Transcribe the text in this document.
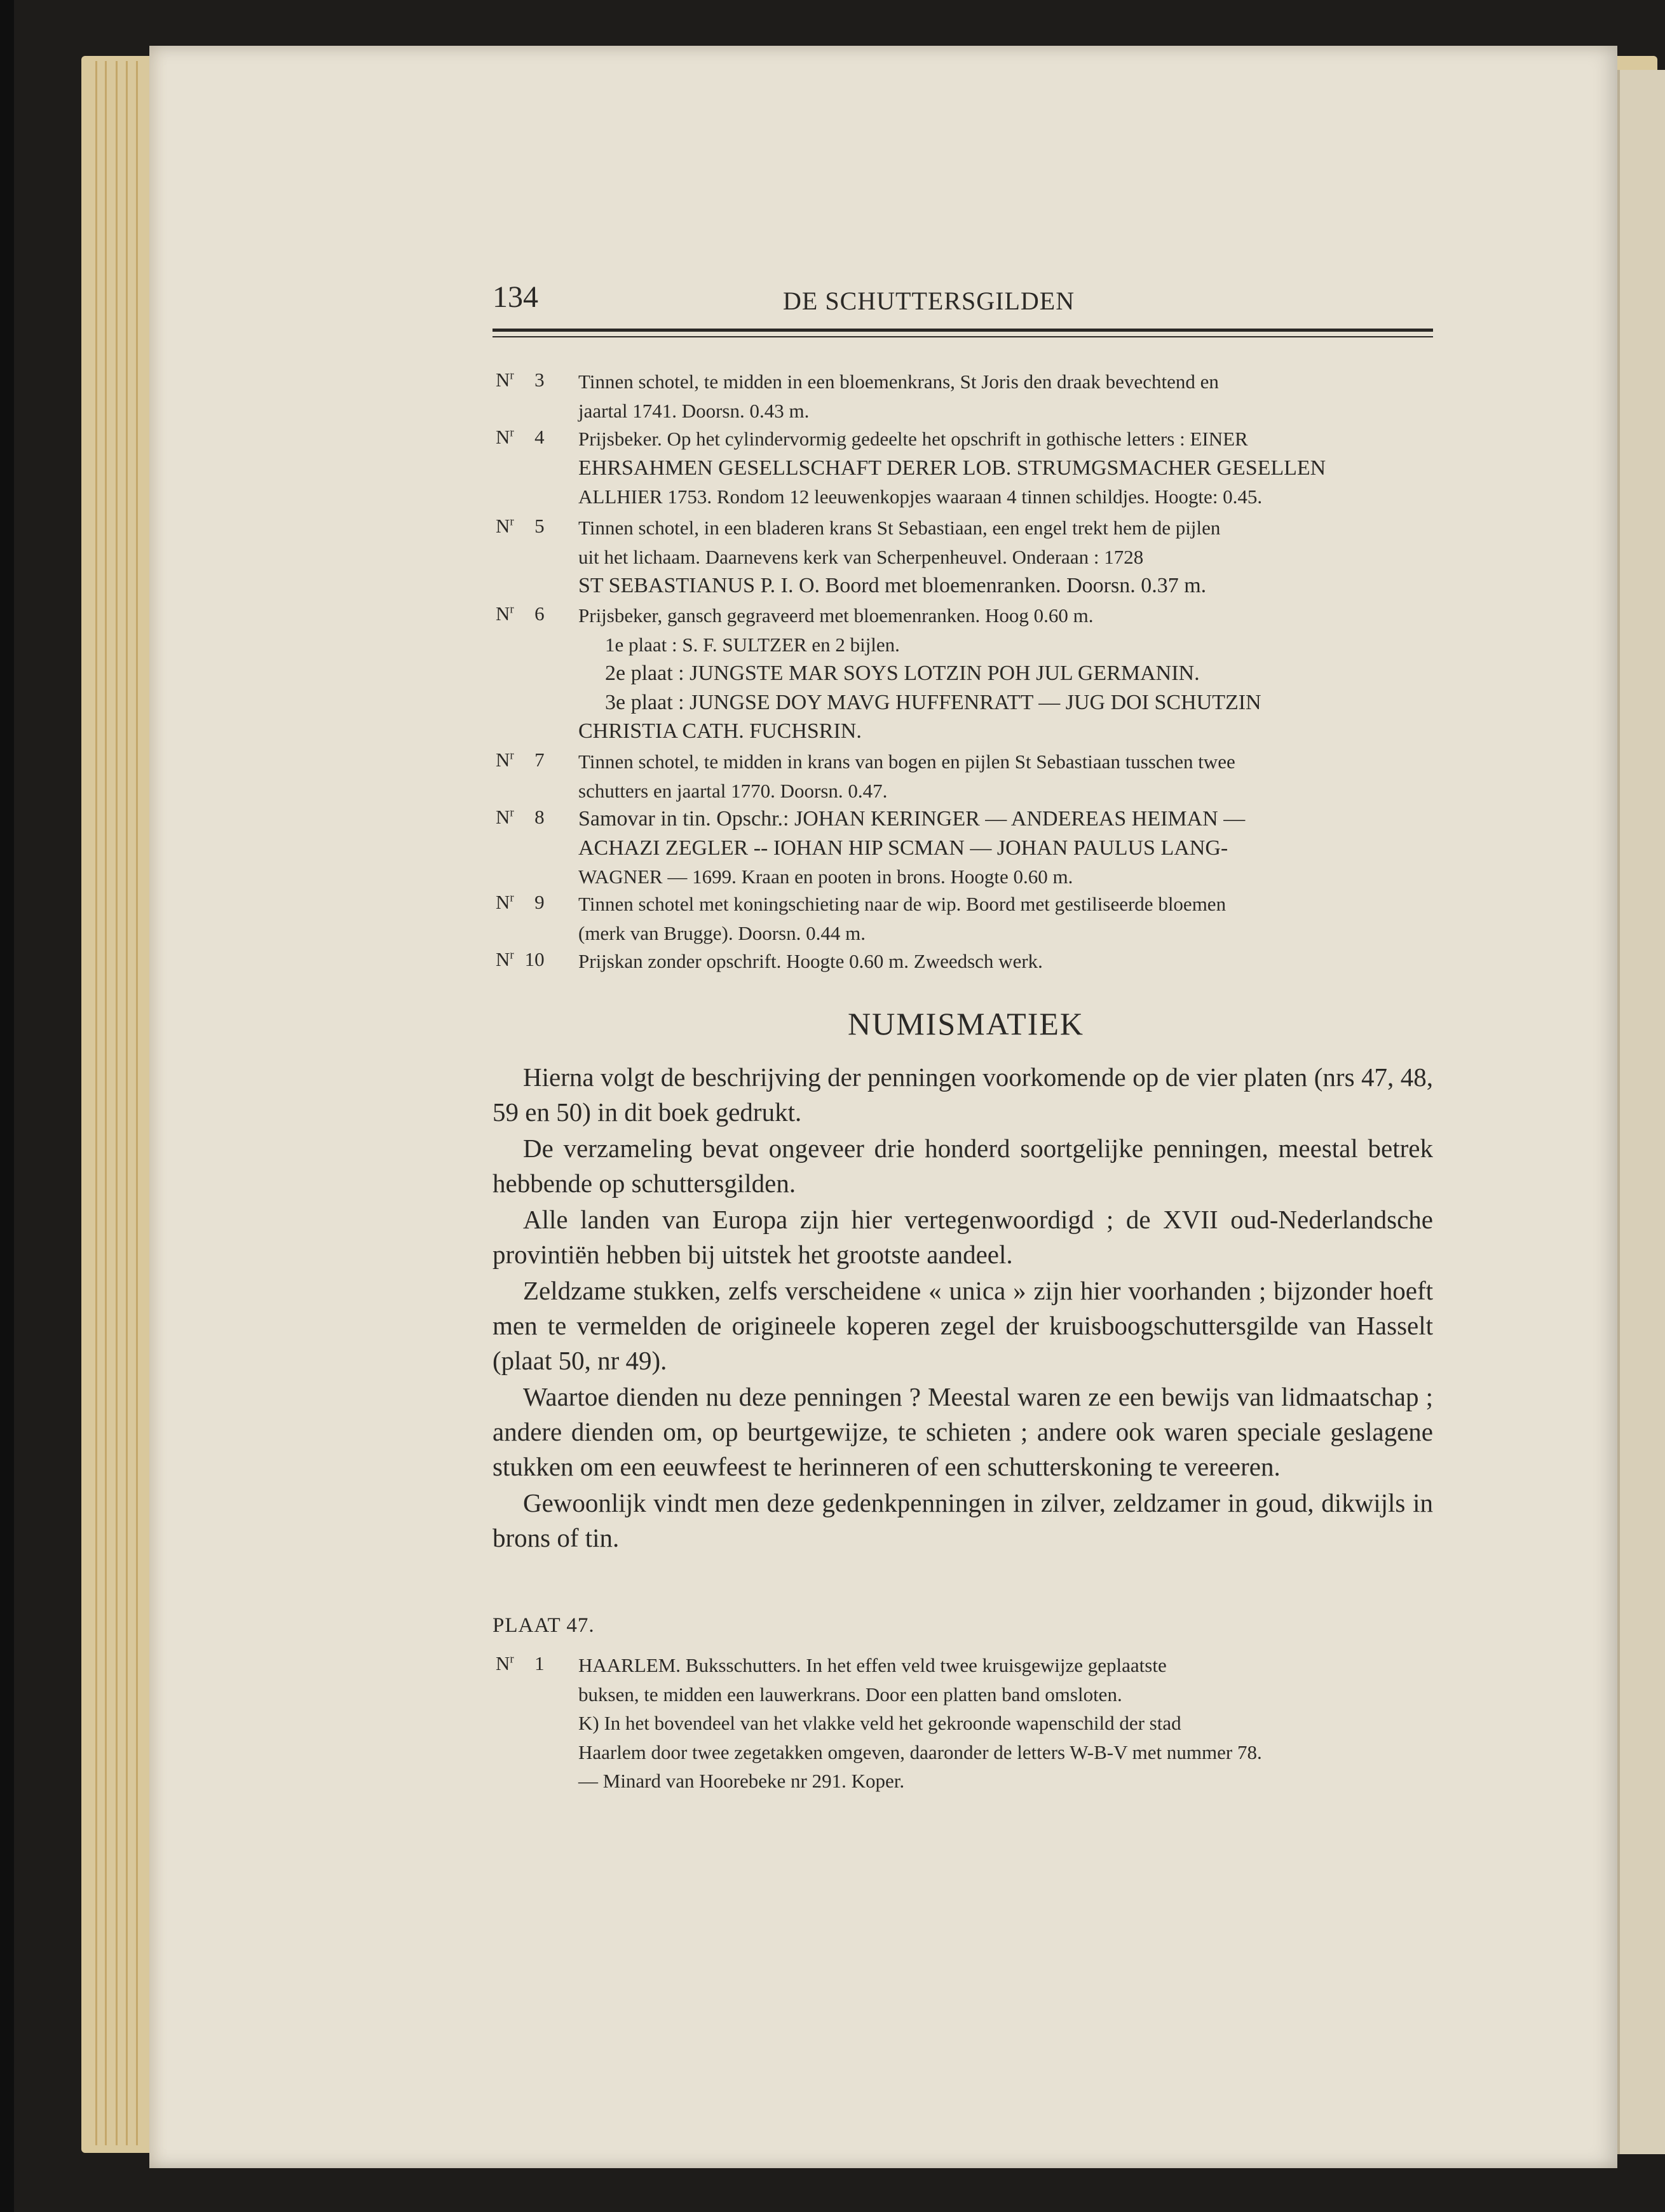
134	DE SCHUTTERSGILDEN
$N^r$ 3 Tinnen schotel, te midden in een bloemenkrans, St Joris den draak bevechtend en

jaartal 1741. Doorsn. 0.43 m.

$N^r$ 4 Prijsbeker. Op het cylindervormig gedeelte het opschrift in gothische letters : EINER

EHRSAHMEN GESELLSCHAFT DERER LOB. STRUMGSMACHER GESELLEN

ALLHIER 1753. Rondom 12 leeuwenkopjes waaraan 4 tinnen schildjes. Hoogte: 0.45.

$N^r$ 5 Tinnen schotel, in een bladeren krans St Sebastiaan, een engel trekt hem de pijlen

uit het lichaam. Daarnevens kerk van Scherpenheuvel. Onderaan : 1728

ST SEBASTIANUS P. I. O. Boord met bloemenranken. Doorsn. 0.37 m.

$N^r$ 6 Prijsbeker, gansch gegraveerd met bloemenranken. Hoog 0.60 m.

1e plaat : S. F. SULTZER en 2 bijlen.

2e plaat : JUNGSTE MAR SOYS LOTZIN POH JUL GERMANIN.

3e plaat : JUNGSE DOY MAVG HUFFENRATT — JUG DOI SCHUTZIN

CHRISTIA CATH. FUCHSRIN.

$N^r$ 7 Tinnen schotel, te midden in krans van bogen en pijlen St Sebastiaan tusschen twee

schutters en jaartal 1770. Doorsn. 0.47.

$N^r$ 8 Samovar in tin. Opschr.: JOHAN KERINGER — ANDEREAS HEIMAN —

ACHAZI ZEGLER -- IOHAN HIP SCMAN — JOHAN PAULUS LANG-

WAGNER — 1699. Kraan en pooten in brons. Hoogte 0.60 m.

$N^r$ 9 Tinnen schotel met koningschieting naar de wip. Boord met gestiliseerde bloemen

(merk van Brugge). Doorsn. 0.44 m.

$N^r$ 10 Prijskan zonder opschrift. Hoogte 0.60 m. Zweedsch werk.

NUMISMATIEK

Hierna volgt de beschrijving der penningen voorkomende op de vier platen (nrs 47, 48, 59 en 50) in dit boek gedrukt.

De verzameling bevat ongeveer drie honderd soortgelijke penningen, meestal betrek hebbende op schuttersgilden.

Alle landen van Europa zijn hier vertegenwoordigd ; de XVII oud-Nederlandsche provintiën hebben bij uitstek het grootste aandeel.

Zeldzame stukken, zelfs verscheidene « unica » zijn hier voorhanden ; bijzonder hoeft men te vermelden de origineele koperen zegel der kruisboogschuttersgilde van Hasselt (plaat 50, nr 49).

Waartoe dienden nu deze penningen ? Meestal waren ze een bewijs van lidmaatschap ; andere dienden om, op beurtgewijze, te schieten ; andere ook waren speciale geslagene stukken om een eeuwfeest te herinneren of een schutterskoning te vereeren.

Gewoonlijk vindt men deze gedenkpenningen in zilver, zeldzamer in goud, dikwijls in brons of tin.

PLAAT 47.
$N^r$ 1 HAARLEM. Buksschutters. In het effen veld twee kruisgewijze geplaatste

buksen, te midden een lauwerkrans. Door een platten band omsloten.

K) In het bovendeel van het vlakke veld het gekroonde wapenschild der stad

Haarlem door twee zegetakken omgeven, daaronder de letters W-B-V met nummer 78.

— Minard van Hoorebeke nr 291. Koper.
